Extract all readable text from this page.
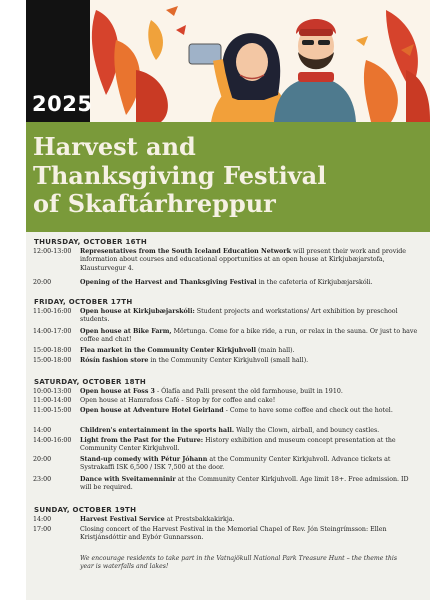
2025
Harvest and
Thanksgiving Festival
of Skaftárhreppur
THURSDAY, OCTOBER 16TH
12:00-13:00	Representatives from the South Iceland Education Network will present their work and provide information about courses and educational opportunities at an open house at Kirkjubæjarstofa, Klausturvegur 4.
20:00	Opening of the Harvest and Thanksgiving Festival in the cafeteria of Kirkjubæjarskóli.
FRIDAY, OCTOBER 17TH
11:00-16:00	Open house at Kirkjubæjarskóli: Student projects and workstations/ Art exhibition by preschool students.
14:00-17:00	Open house at Bike Farm, Mörtunga. Come for a bike ride, a run, or relax in the sauna. Or just to have coffee and chat!
15:00-18:00	Flea market in the Community Center Kirkjuhvoll (main hall).
15:00-18:00	Rósín fashion store in the Community Center Kirkjuhvoll (small hall).
SATURDAY, OCTOBER 18TH
10:00-13:00	Open house at Foss 3 - Ólafía and Palli present the old farmhouse, built in 1910.
11:00-14:00	Open house at Hamrafoss Café - Stop by for coffee and cake!
11:00-15:00	Open house at Adventure Hotel Geirland - Come to have some coffee and check out the hotel.
14:00	Children's entertainment in the sports hall. Wally the Clown, airball, and bouncy castles.
14:00-16:00	Light from the Past for the Future: History exhibition and museum concept presentation at the Community Center Kirkjuhvoll.
20:00	Stand-up comedy with Pétur Jóhann at the Community Center Kirkjuhvoll. Advance tickets at Systrakaffi ISK 6,500 / ISK 7,500 at the door.
23:00	Dance with Sveitamenninir at the Community Center Kirkjuhvoll. Age limit 18+. Free admission. ID will be required.
SUNDAY, OCTOBER 19TH
14:00	Harvest Festival Service at Prestsbakkakirkja.
17:00	Closing concert of the Harvest Festival in the Memorial Chapel of Rev. Jón Steingrímsson: Ellen Kristjánsdóttir and Eybór Gunnarsson.
We encourage residents to take part in the Vatnajökull National Park Treasure Hunt – the theme this year is waterfalls and lakes!
